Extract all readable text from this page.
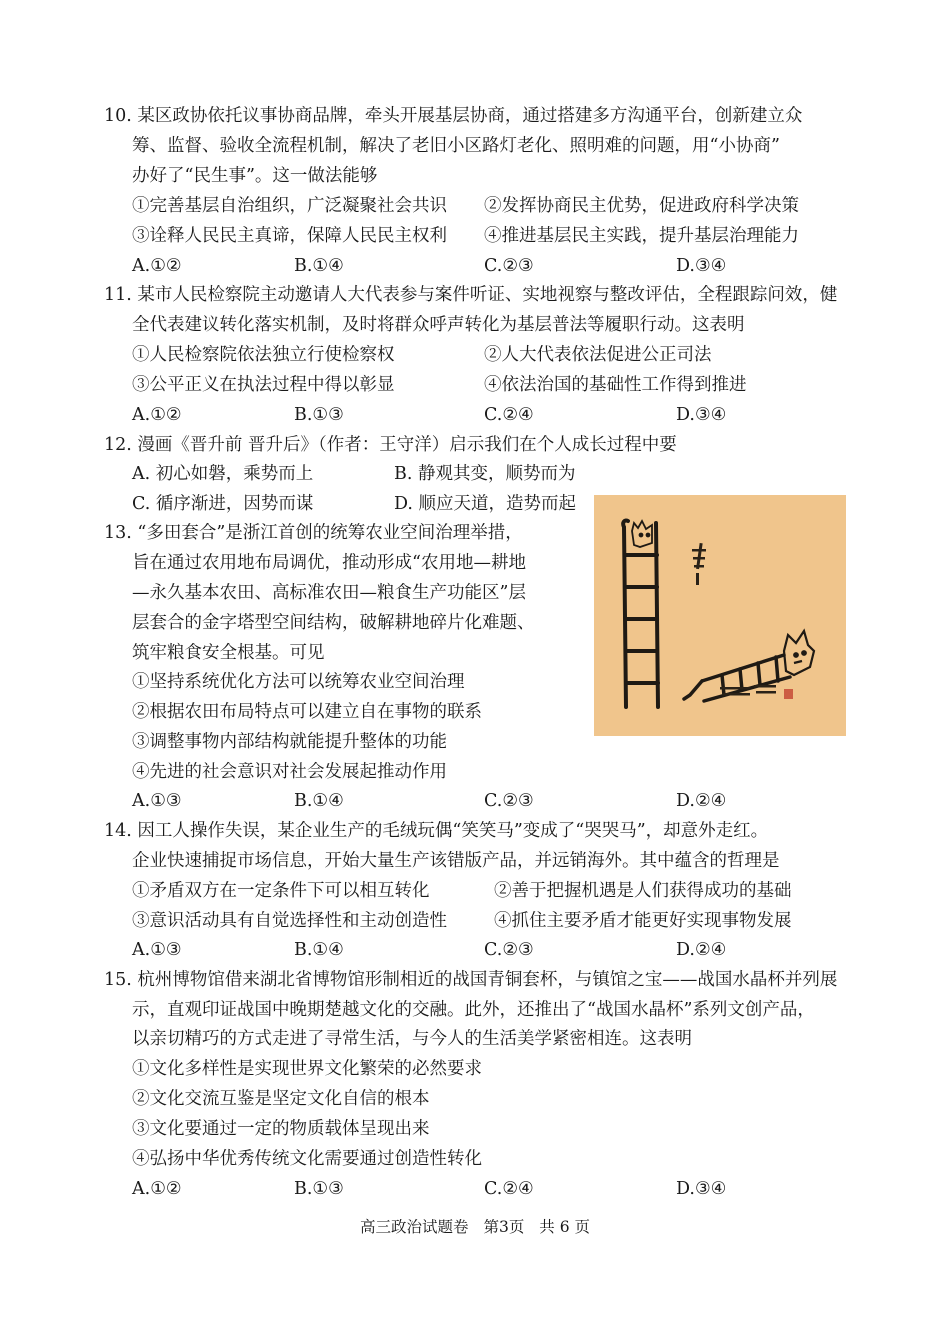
10. 某区政协依托议事协商品牌，牵头开展基层协商，通过搭建多方沟通平台，创新建立众
筹、监督、验收全流程机制，解决了老旧小区路灯老化、照明难的问题，用“小协商”
办好了“民生事”。这一做法能够
①完善基层自治组织，广泛凝聚社会共识 ②发挥协商民主优势，促进政府科学决策
③诠释人民民主真谛，保障人民民主权利 ④推进基层民主实践，提升基层治理能力
A.①②	B.①④	C.②③	D.③④
11. 某市人民检察院主动邀请人大代表参与案件听证、实地视察与整改评估，全程跟踪问效，健
全代表建议转化落实机制，及时将群众呼声转化为基层普法等履职行动。这表明
①人民检察院依法独立行使检察权	②人大代表依法促进公正司法
③公平正义在执法过程中得以彰显	④依法治国的基础性工作得到推进
A.①②	B.①③	C.②④	D.③④
12. 漫画《晋升前 晋升后》（作者：王守洋）启示我们在个人成长过程中要
A. 初心如磐，乘势而上	B. 静观其变，顺势而为
C. 循序渐进，因势而谋	D. 顺应天道，造势而起
13. “多田套合”是浙江首创的统筹农业空间治理举措，
旨在通过农用地布局调优，推动形成“农用地—耕地
—永久基本农田、高标准农田—粮食生产功能区”层
层套合的金字塔型空间结构，破解耕地碎片化难题、
筑牢粮食安全根基。可见
①坚持系统优化方法可以统筹农业空间治理
②根据农田布局特点可以建立自在事物的联系
③调整事物内部结构就能提升整体的功能
④先进的社会意识对社会发展起推动作用
A.①③	B.①④	C.②③	D.②④
14. 因工人操作失误，某企业生产的毛绒玩偶“笑笑马”变成了“哭哭马”，却意外走红。
企业快速捕捉市场信息，开始大量生产该错版产品，并远销海外。其中蕴含的哲理是
①矛盾双方在一定条件下可以相互转化	②善于把握机遇是人们获得成功的基础
③意识活动具有自觉选择性和主动创造性	④抓住主要矛盾才能更好实现事物发展
A.①③	B.①④	C.②③	D.②④
15. 杭州博物馆借来湖北省博物馆形制相近的战国青铜套杯，与镇馆之宝——战国水晶杯并列展
示，直观印证战国中晚期楚越文化的交融。此外，还推出了“战国水晶杯”系列文创产品，
以亲切精巧的方式走进了寻常生活，与今人的生活美学紧密相连。这表明
①文化多样性是实现世界文化繁荣的必然要求
②文化交流互鉴是坚定文化自信的根本
③文化要通过一定的物质载体呈现出来
④弘扬中华优秀传统文化需要通过创造性转化
A.①②	B.①③	C.②④	D.③④
高三政治试题卷 第3页 共 6 页
